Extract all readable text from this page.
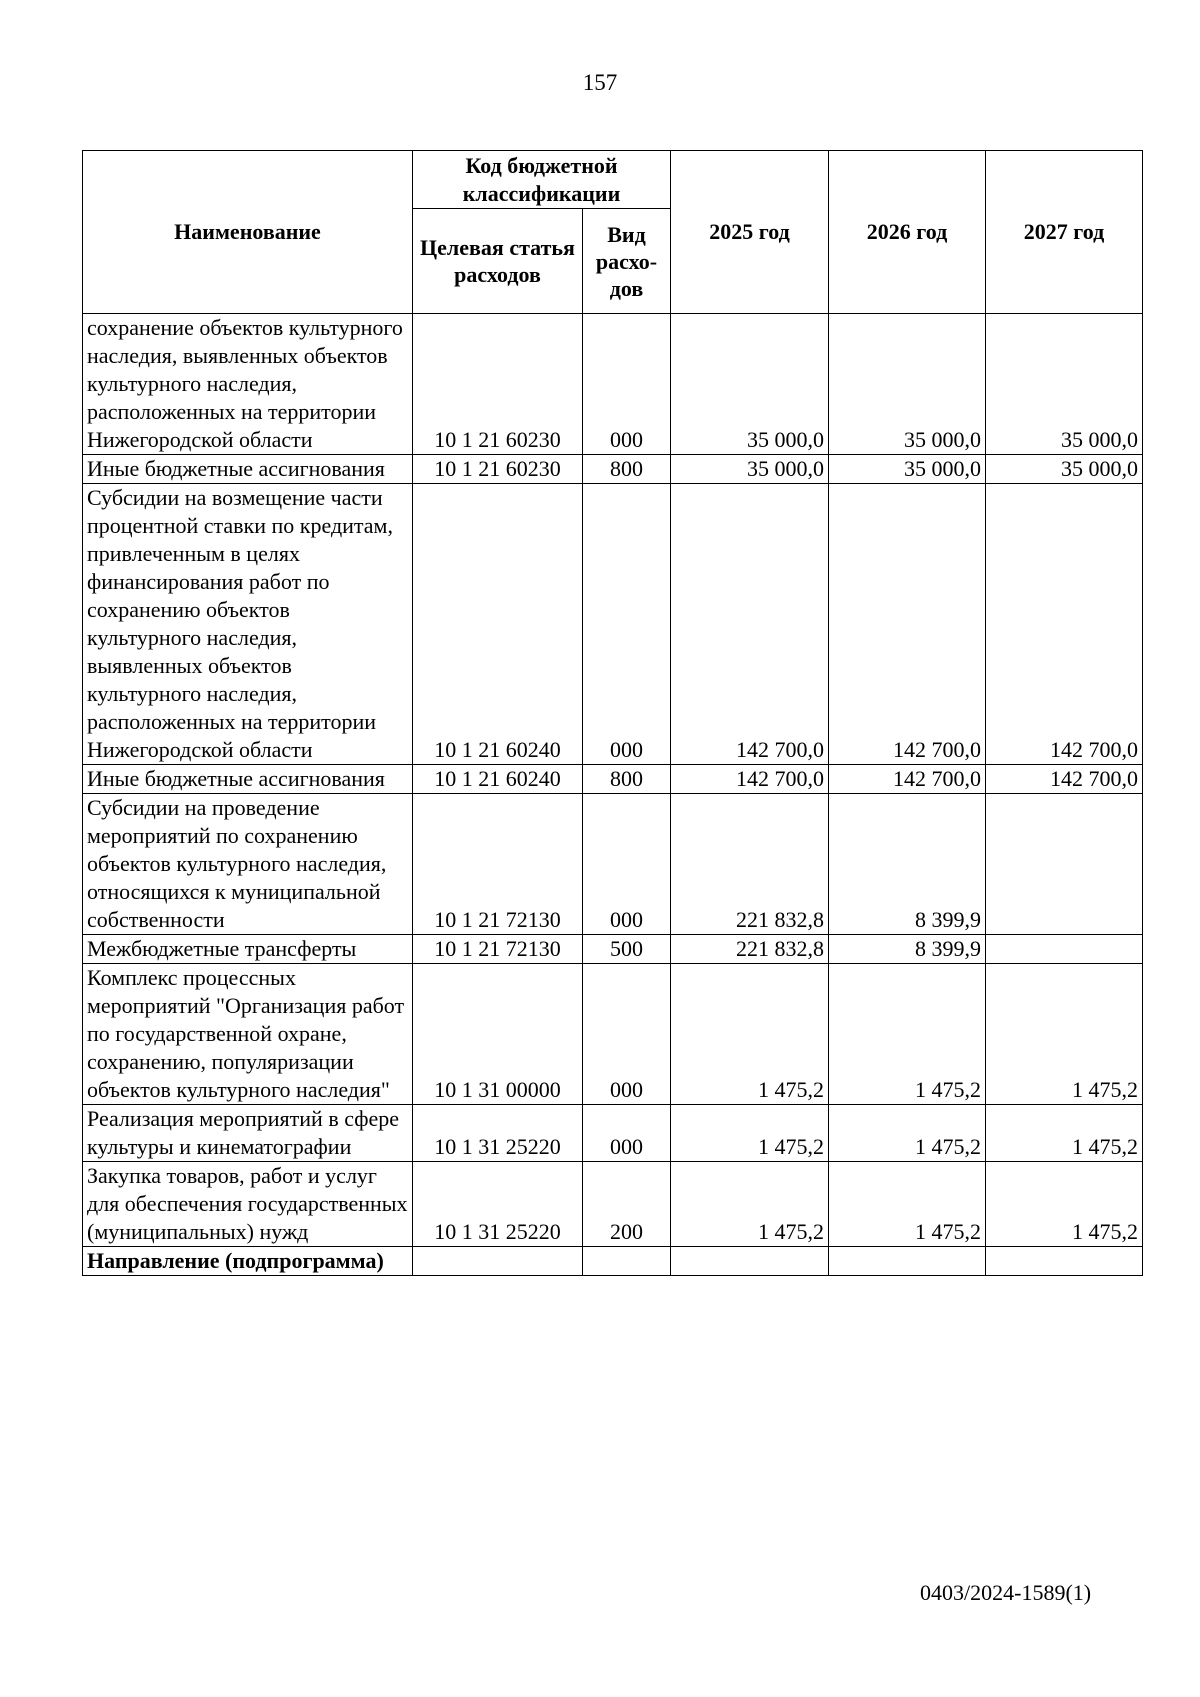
157
Наименование	Код бюджетной классификации		2025 год	2026 год	2027 год
	Целевая статья расходов	Вид расхо-дов			
сохранение объектов культурного наследия, выявленных объектов культурного наследия, расположенных на территории Нижегородской области	10 1 21 60230	000	35 000,0	35 000,0	35 000,0
Иные бюджетные ассигнования	10 1 21 60230	800	35 000,0	35 000,0	35 000,0
Субсидии на возмещение части процентной ставки по кредитам, привлеченным в целях финансирования работ по сохранению объектов культурного наследия, выявленных объектов культурного наследия, расположенных на территории Нижегородской области	10 1 21 60240	000	142 700,0	142 700,0	142 700,0
Иные бюджетные ассигнования	10 1 21 60240	800	142 700,0	142 700,0	142 700,0
Субсидии на проведение мероприятий по сохранению объектов культурного наследия, относящихся к муниципальной собственности	10 1 21 72130	000	221 832,8	8 399,9	
Межбюджетные трансферты	10 1 21 72130	500	221 832,8	8 399,9	
Комплекс процессных мероприятий "Организация работ по государственной охране, сохранению, популяризации объектов культурного наследия"	10 1 31 00000	000	1 475,2	1 475,2	1 475,2
Реализация мероприятий в сфере культуры и кинематографии	10 1 31 25220	000	1 475,2	1 475,2	1 475,2
Закупка товаров, работ и услуг для обеспечения государственных (муниципальных) нужд	10 1 31 25220	200	1 475,2	1 475,2	1 475,2
Направление (подпрограмма)					
0403/2024-1589(1)
